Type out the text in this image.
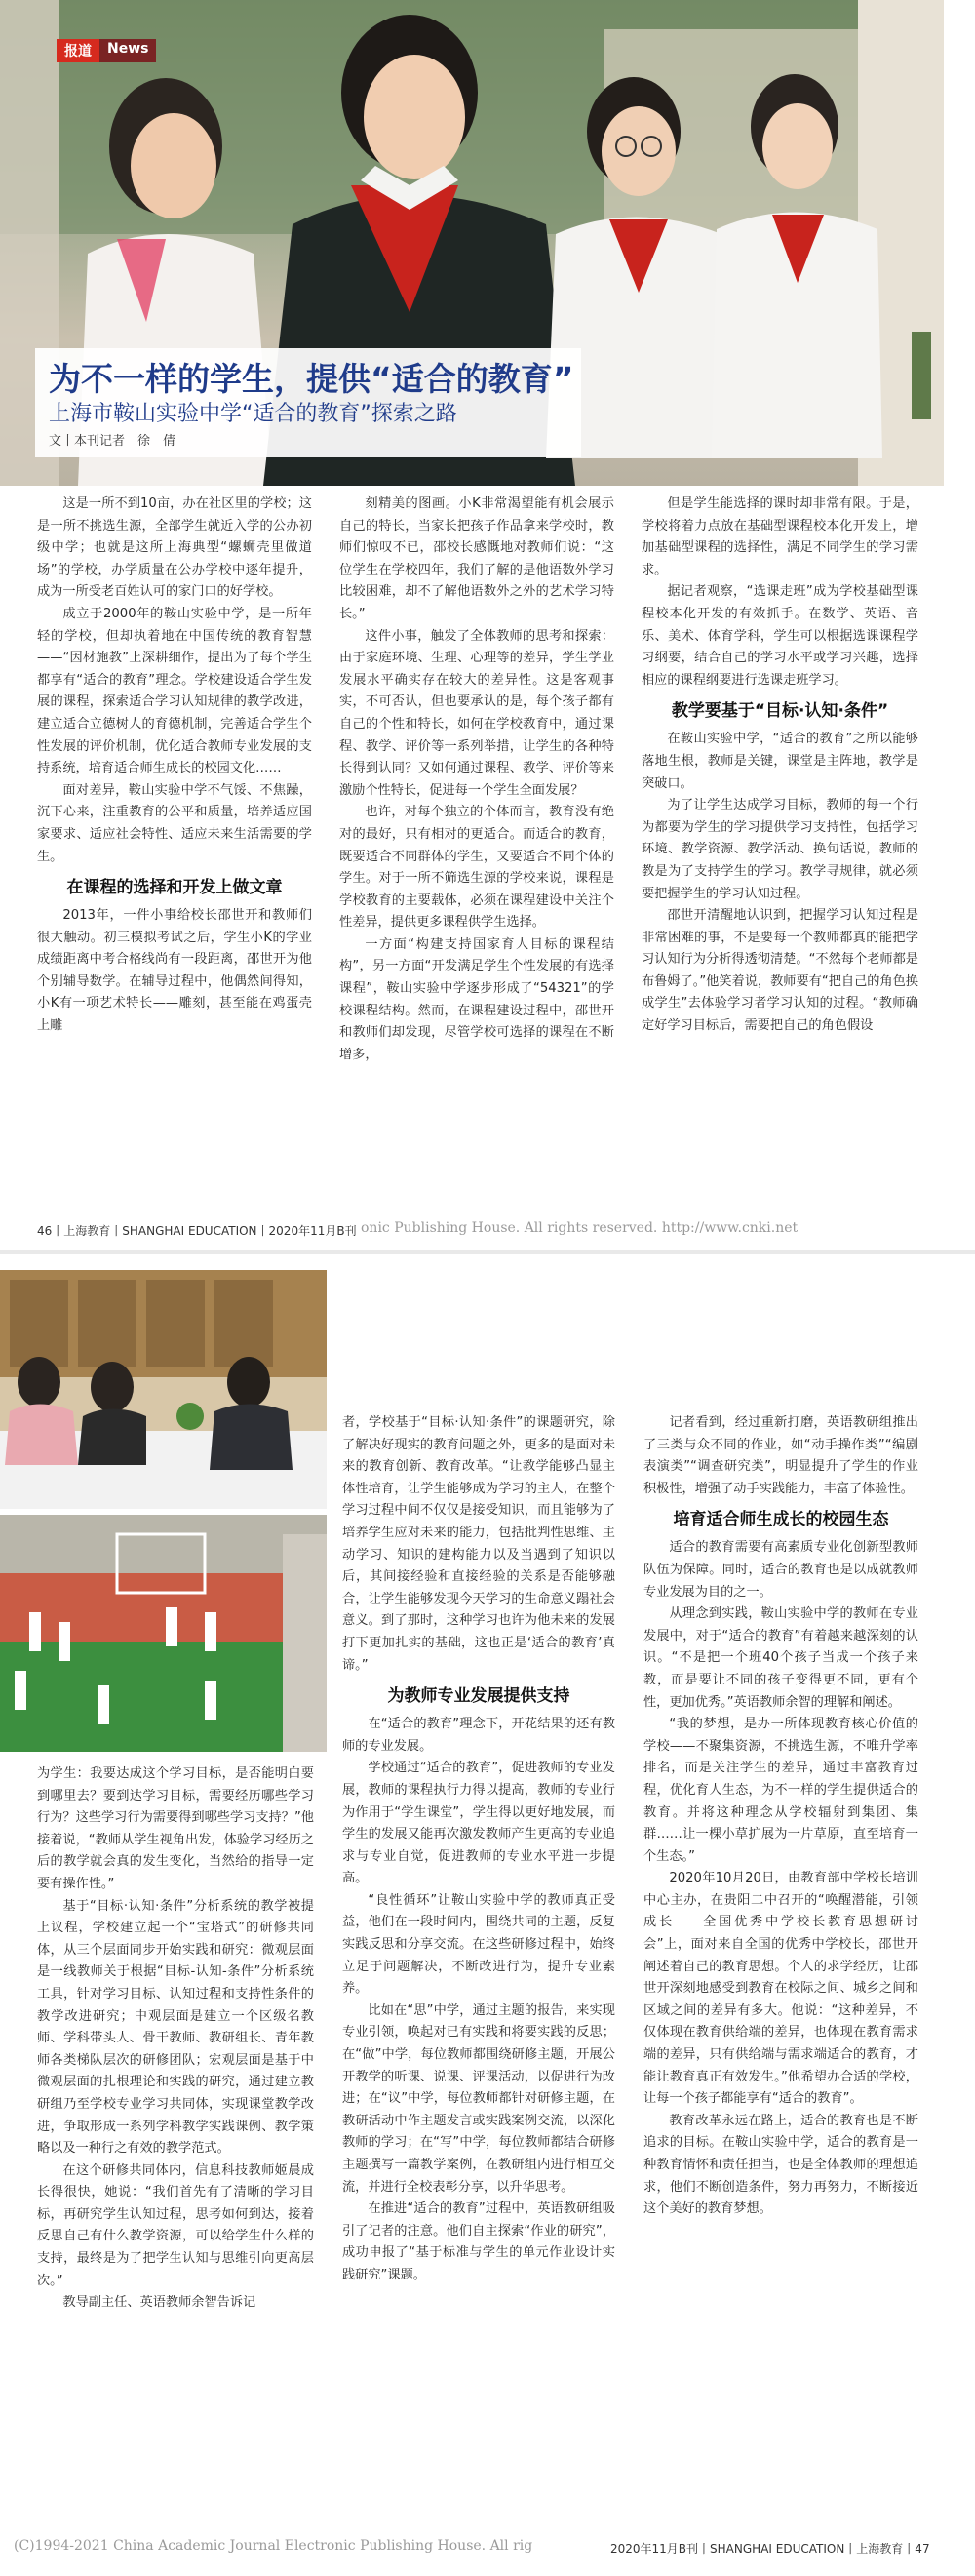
报道	News
为不一样的学生，提供“适合的教育”
上海市鞍山实验中学“适合的教育”探索之路
文丨本刊记者　徐　倩

这是一所不到10亩，办在社区里的学校；这是一所不挑选生源，全部学生就近入学的公办初级中学；也就是这所上海典型“螺蛳壳里做道场”的学校，办学质量在公办学校中逐年提升，成为一所受老百姓认可的家门口的好学校。

成立于2000年的鞍山实验中学，是一所年轻的学校，但却执着地在中国传统的教育智慧——“因材施教”上深耕细作，提出为了每个学生都享有“适合的教育”理念。学校建设适合学生发展的课程，探索适合学习认知规律的教学改进，建立适合立德树人的育德机制，完善适合学生个性发展的评价机制，优化适合教师专业发展的支持系统，培育适合师生成长的校园文化……

面对差异，鞍山实验中学不气馁、不焦躁，沉下心来，注重教育的公平和质量，培养适应国家要求、适应社会特性、适应未来生活需要的学生。

在课程的选择和开发上做文章

2013年，一件小事给校长邵世开和教师们很大触动。初三模拟考试之后，学生小K的学业成绩距离中考合格线尚有一段距离，邵世开为他个别辅导数学。在辅导过程中，他偶然间得知，小K有一项艺术特长——雕刻，甚至能在鸡蛋壳上雕

刻精美的图画。小K非常渴望能有机会展示自己的特长，当家长把孩子作品拿来学校时，教师们惊叹不已，邵校长感慨地对教师们说：“这位学生在学校四年，我们了解的是他语数外学习比较困难，却不了解他语数外之外的艺术学习特长。”

这件小事，触发了全体教师的思考和探索：由于家庭环境、生理、心理等的差异，学生学业发展水平确实存在较大的差异性。这是客观事实，不可否认，但也要承认的是，每个孩子都有自己的个性和特长，如何在学校教育中，通过课程、教学、评价等一系列举措，让学生的各种特长得到认同？又如何通过课程、教学、评价等来激励个性特长，促进每一个学生全面发展？

也许，对每个独立的个体而言，教育没有绝对的最好，只有相对的更适合。而适合的教育，既要适合不同群体的学生，又要适合不同个体的学生。对于一所不筛选生源的学校来说，课程是学校教育的主要载体，必须在课程建设中关注个性差异，提供更多课程供学生选择。

一方面“构建支持国家育人目标的课程结构”，另一方面“开发满足学生个性发展的有选择课程”，鞍山实验中学逐步形成了“54321”的学校课程结构。然而，在课程建设过程中，邵世开和教师们却发现，尽管学校可选择的课程在不断增多，

但是学生能选择的课时却非常有限。于是，学校将着力点放在基础型课程校本化开发上，增加基础型课程的选择性，满足不同学生的学习需求。

据记者观察，“选课走班”成为学校基础型课程校本化开发的有效抓手。在数学、英语、音乐、美术、体育学科，学生可以根据选课课程学习纲要，结合自己的学习水平或学习兴趣，选择相应的课程纲要进行选课走班学习。

教学要基于“目标·认知·条件”

在鞍山实验中学，“适合的教育”之所以能够落地生根，教师是关键，课堂是主阵地，教学是突破口。

为了让学生达成学习目标，教师的每一个行为都要为学生的学习提供学习支持性，包括学习环境、教学资源、教学活动、换句话说，教师的教是为了支持学生的学习。教学寻规律，就必须要把握学生的学习认知过程。

邵世开清醒地认识到，把握学习认知过程是非常困难的事，不是要每一个教师都真的能把学习认知行为分析得透彻清楚。“不然每个老师都是布鲁姆了。”他笑着说，教师要有“把自己的角色换成学生”去体验学习者学习认知的过程。“教师确定好学习目标后，需要把自己的角色假设

46丨上海教育丨SHANGHAI EDUCATION丨2020年11月B刊 onic Publishing House. All rights reserved. http://www.cnki.net

为学生：我要达成这个学习目标，是否能明白要到哪里去？要到达学习目标，需要经历哪些学习行为？这些学习行为需要得到哪些学习支持？”他接着说，“教师从学生视角出发，体验学习经历之后的教学就会真的发生变化，当然给的指导一定要有操作性。”

基于“目标·认知·条件”分析系统的教学被提上议程，学校建立起一个“宝塔式”的研修共同体，从三个层面同步开始实践和研究：微观层面是一线教师关于根据“目标-认知-条件”分析系统工具，针对学习目标、认知过程和支持性条件的教学改进研究；中观层面是建立一个区级名教师、学科带头人、骨干教师、教研组长、青年教师各类梯队层次的研修团队；宏观层面是基于中微观层面的扎根理论和实践的研究，通过建立教研组乃至学校专业学习共同体，实现课堂教学改进，争取形成一系列学科教学实践课例、教学策略以及一种行之有效的教学范式。

在这个研修共同体内，信息科技教师姬晨成长得很快，她说：“我们首先有了清晰的学习目标，再研究学生认知过程，思考如何到达，接着反思自己有什么教学资源，可以给学生什么样的支持，最终是为了把学生认知与思维引向更高层次。”

教导副主任、英语教师余智告诉记

者，学校基于“目标·认知·条件”的课题研究，除了解决好现实的教育问题之外，更多的是面对未来的教育创新、教育改革。“让教学能够凸显主体性培育，让学生能够成为学习的主人，在整个学习过程中间不仅仅是接受知识，而且能够为了培养学生应对未来的能力，包括批判性思维、主动学习、知识的建构能力以及当遇到了知识以后，其间接经验和直接经验的关系是否能够融合，让学生能够发现今天学习的生命意义蹋社会意义。到了那时，这种学习也许为他未来的发展打下更加扎实的基础，这也正是‘适合的教育’真谛。”

为教师专业发展提供支持

在“适合的教育”理念下，开花结果的还有教师的专业发展。

学校通过“适合的教育”，促进教师的专业发展，教师的课程执行力得以提高，教师的专业行为作用于“学生课堂”，学生得以更好地发展，而学生的发展又能再次激发教师产生更高的专业追求与专业自觉，促进教师的专业水平进一步提高。

“良性循环”让鞍山实验中学的教师真正受益，他们在一段时间内，围绕共同的主题，反复实践反思和分享交流。在这些研修过程中，始终立足于问题解决，不断改进行为，提升专业素养。

比如在“思”中学，通过主题的报告，来实现专业引领，唤起对已有实践和将要实践的反思；在“做”中学，每位教师都围绕研修主题，开展公开教学的听课、说课、评课活动，以促进行为改进；在“议”中学，每位教师都针对研修主题，在教研活动中作主题发言或实践案例交流，以深化教师的学习；在“写”中学，每位教师都结合研修主题撰写一篇教学案例，在教研组内进行相互交流，并进行全校表彰分享，以升华思考。

在推进“适合的教育”过程中，英语教研组吸引了记者的注意。他们自主探索“作业的研究”，成功申报了“基于标准与学生的单元作业设计实践研究”课题。

记者看到，经过重新打磨，英语教研组推出了三类与众不同的作业，如“动手操作类”“编剧表演类”“调查研究类”，明显提升了学生的作业积极性，增强了动手实践能力，丰富了体验性。

培育适合师生成长的校园生态

适合的教育需要有高素质专业化创新型教师队伍为保障。同时，适合的教育也是以成就教师专业发展为目的之一。

从理念到实践，鞍山实验中学的教师在专业发展中，对于“适合的教育”有着越来越深刻的认识。“不是把一个班40个孩子当成一个孩子来教，而是要让不同的孩子变得更不同，更有个性，更加优秀。”英语教师余智的理解和阐述。

“我的梦想，是办一所体现教育核心价值的学校——不聚集资源，不挑选生源，不唯升学率排名，而是关注学生的差异，通过丰富教育过程，优化育人生态，为不一样的学生提供适合的教育。并将这种理念从学校辐射到集团、集群……让一棵小草扩展为一片草原，直至培育一个生态。”

2020年10月20日，由教育部中学校长培训中心主办，在贵阳二中召开的“唤醒潜能，引领成长——全国优秀中学校长教育思想研讨会”上，面对来自全国的优秀中学校长，邵世开阐述着自己的教育思想。个人的求学经历，让邵世开深刻地感受到教育在校际之间、城乡之间和区域之间的差异有多大。他说：“这种差异，不仅体现在教育供给端的差异，也体现在教育需求端的差异，只有供给端与需求端适合的教育，才能让教育真正有效发生。”他希望办合适的学校，让每一个孩子都能享有“适合的教育”。

教育改革永远在路上，适合的教育也是不断追求的目标。在鞍山实验中学，适合的教育是一种教育情怀和责任担当，也是全体教师的理想追求，他们不断创造条件，努力再努力，不断接近这个美好的教育梦想。

(C)1994-2021 China Academic Journal Electronic Publishing House. All rig	2020年11月B刊丨SHANGHAI EDUCATION丨上海教育丨47
